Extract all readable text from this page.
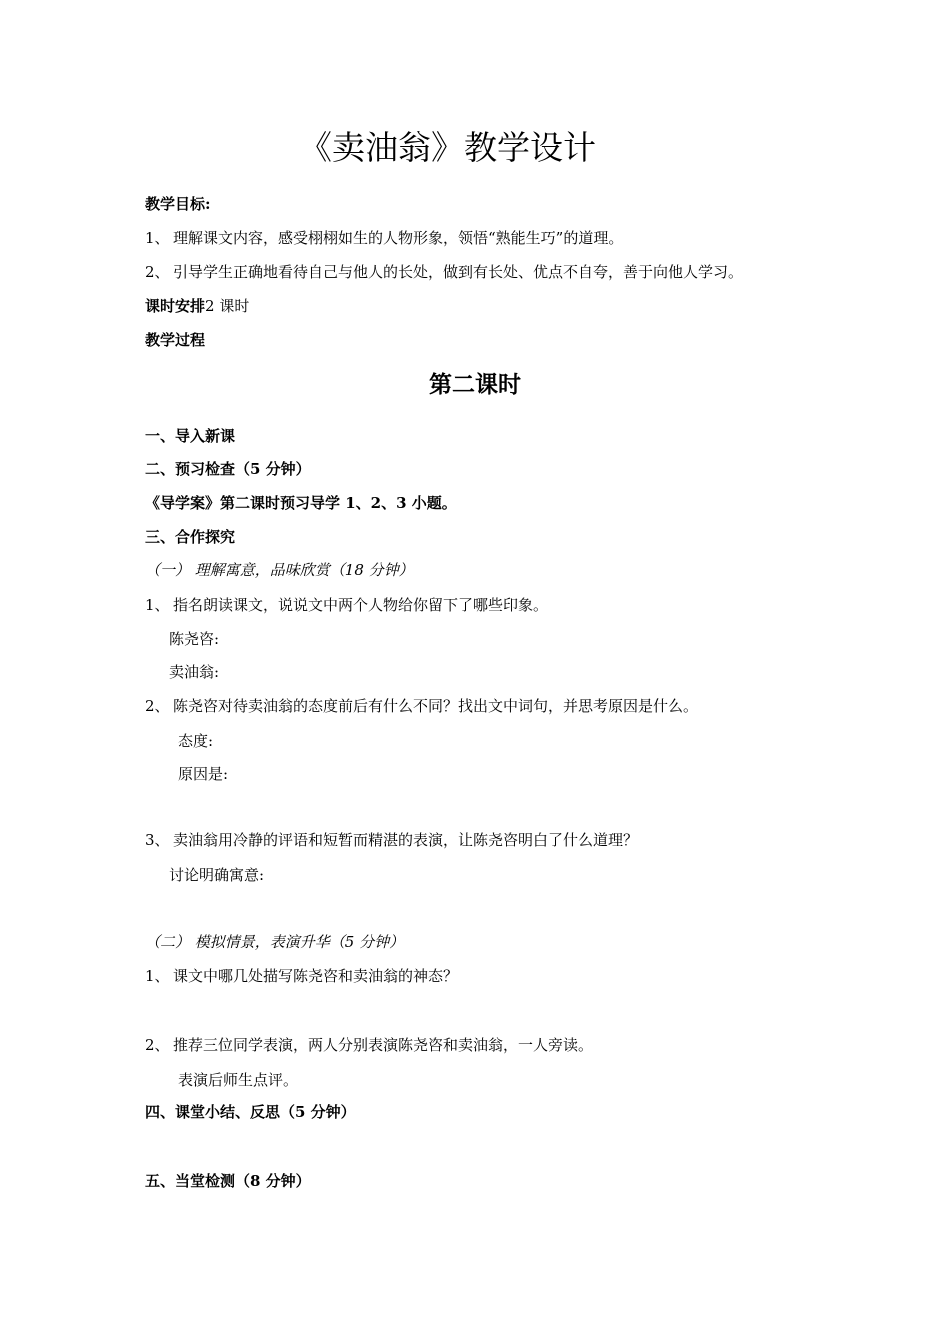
《卖油翁》教学设计
教学目标:
1、 理解课文内容，感受栩栩如生的人物形象，领悟“熟能生巧”的道理。
2、 引导学生正确地看待自己与他人的长处，做到有长处、优点不自夸，善于向他人学习。
课时安排2 课时
教学过程
第二课时
一、导入新课
二、预习检查（5 分钟）
《导学案》第二课时预习导学 1、2、3 小题。
三、合作探究
（一） 理解寓意，品味欣赏（18 分钟）
1、 指名朗读课文，说说文中两个人物给你留下了哪些印象。
陈尧咨:
卖油翁:
2、 陈尧咨对待卖油翁的态度前后有什么不同？找出文中词句，并思考原因是什么。
态度:
原因是:
3、 卖油翁用冷静的评语和短暂而精湛的表演，让陈尧咨明白了什么道理？
讨论明确寓意:
（二） 模拟情景，表演升华（5 分钟）
1、 课文中哪几处描写陈尧咨和卖油翁的神态？
2、 推荐三位同学表演，两人分别表演陈尧咨和卖油翁，一人旁读。
表演后师生点评。
四、课堂小结、反思（5 分钟）
五、当堂检测（8 分钟）
